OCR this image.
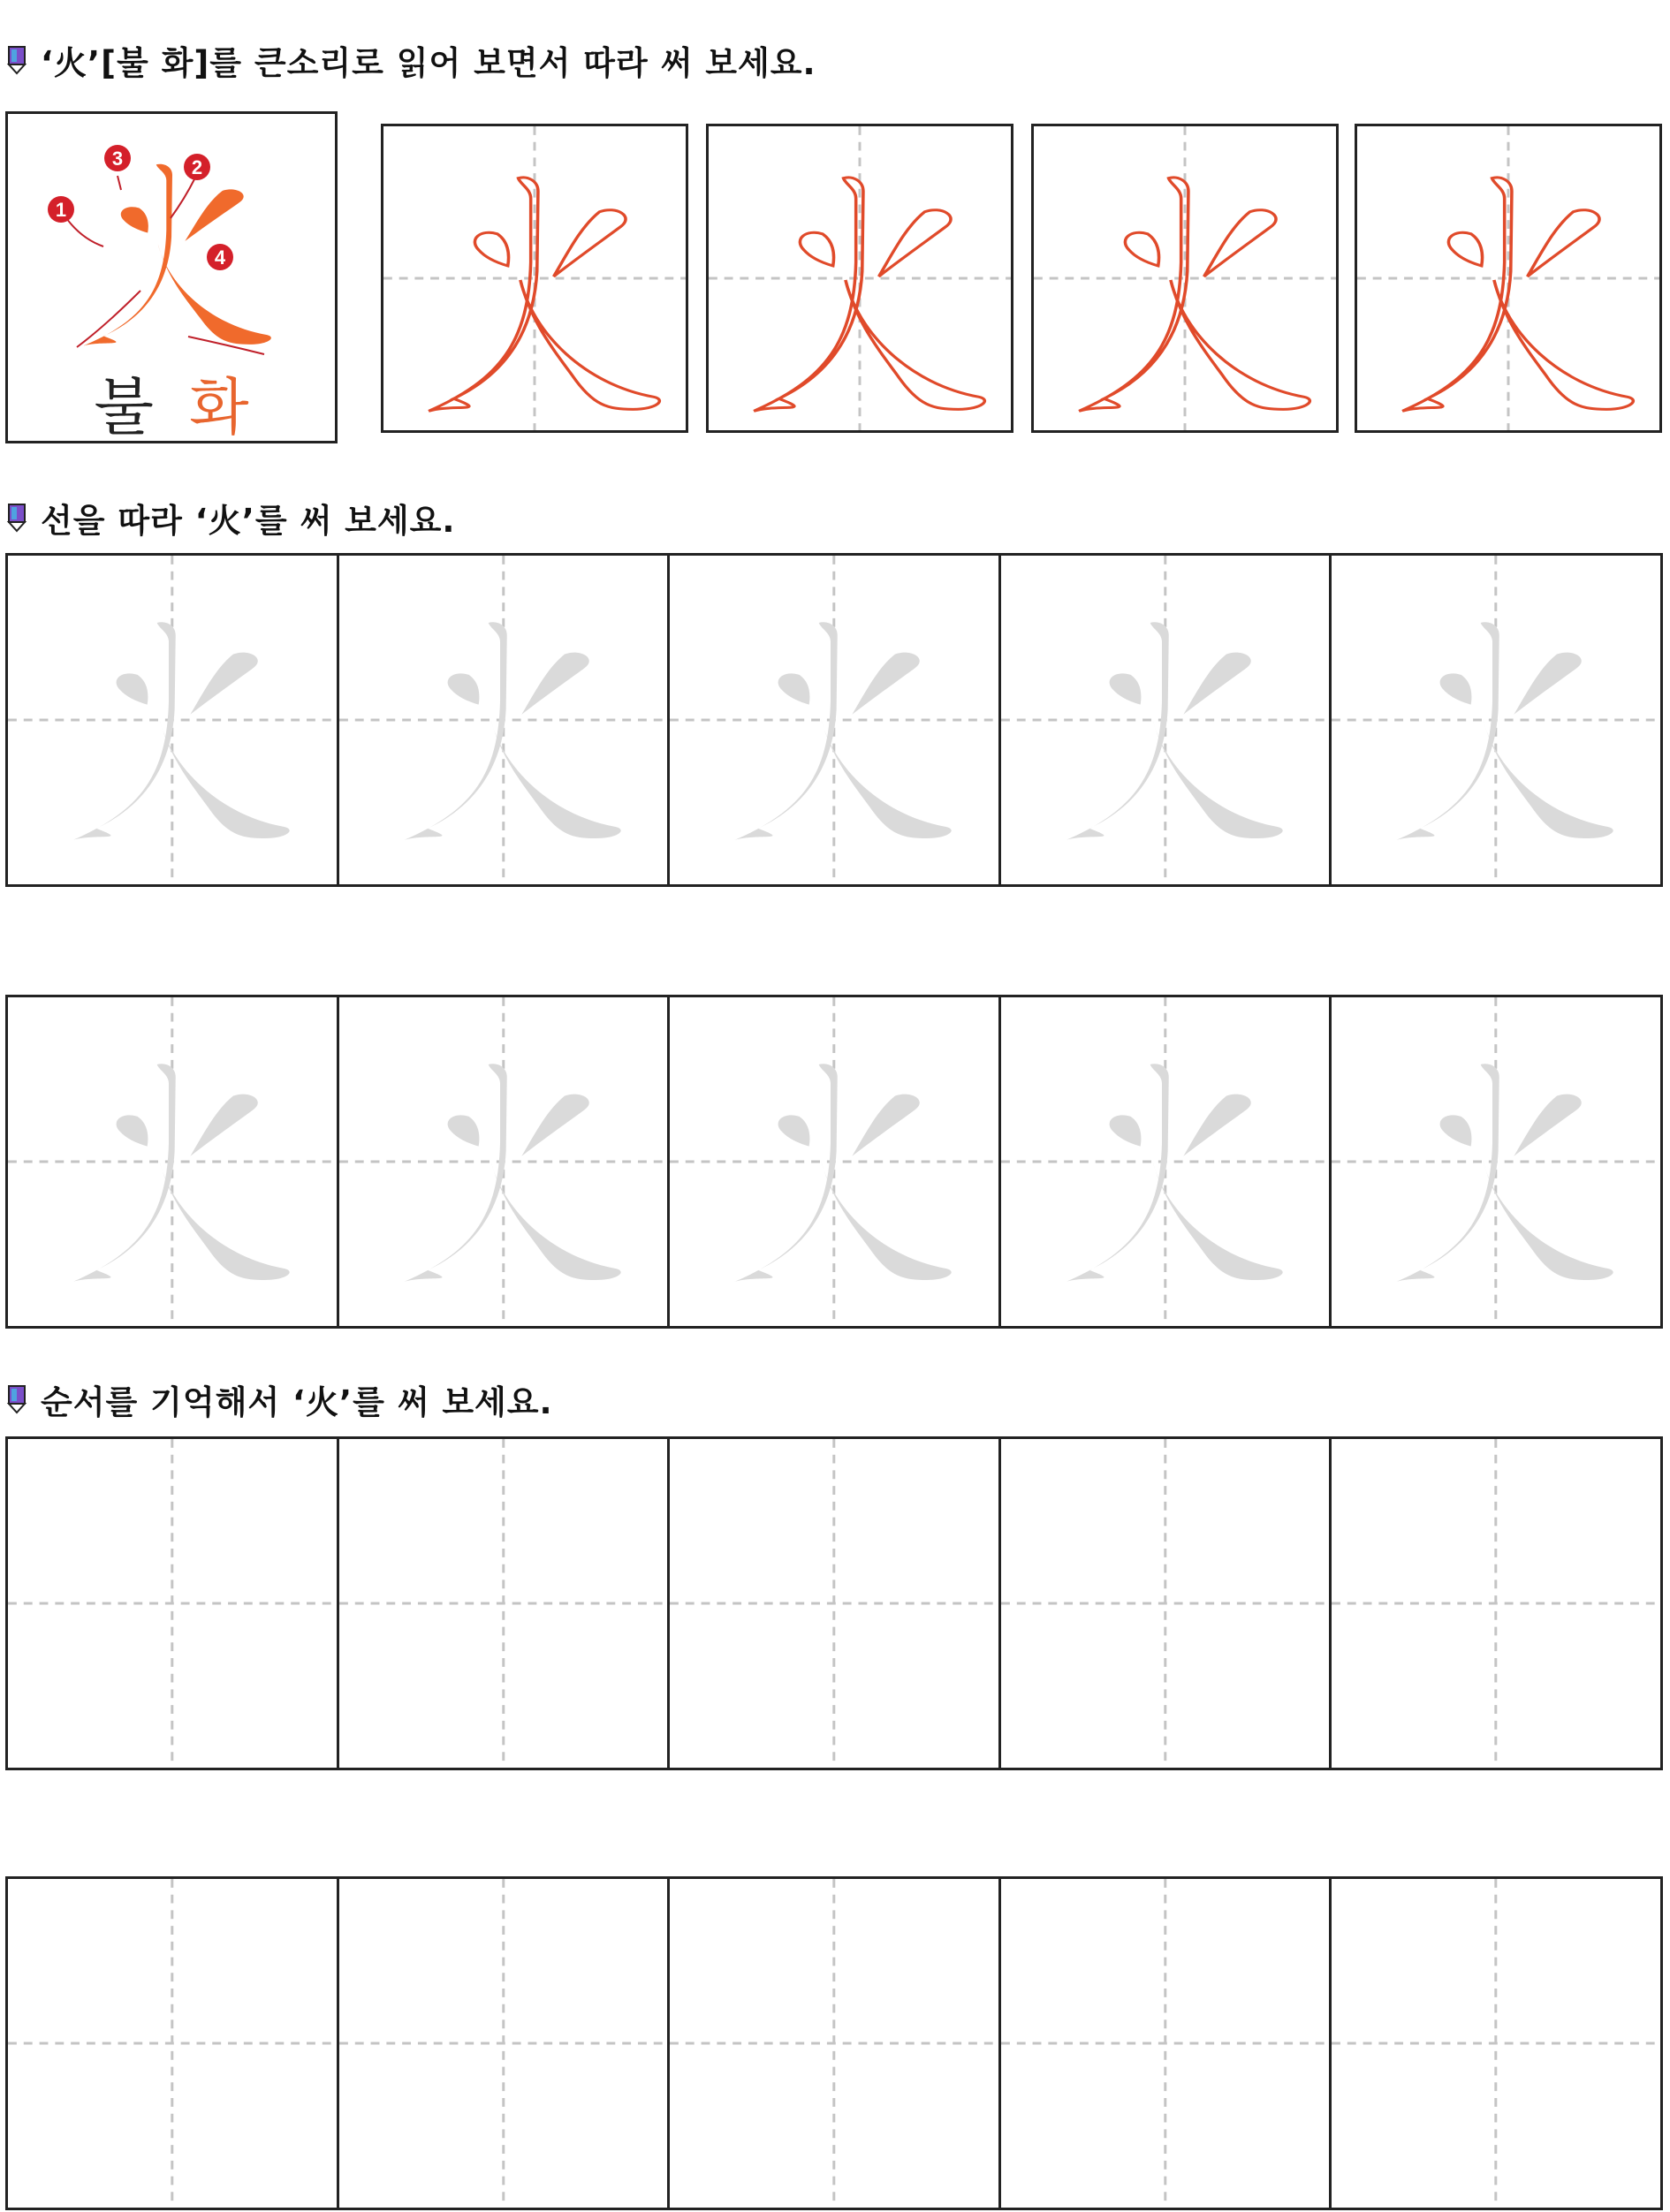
‘火’[불 화]를 큰소리로 읽어 보면서 따라 써 보세요.
1
2
3
4
불 화
선을 따라 ‘火’를 써 보세요.
순서를 기억해서 ‘火’를 써 보세요.
